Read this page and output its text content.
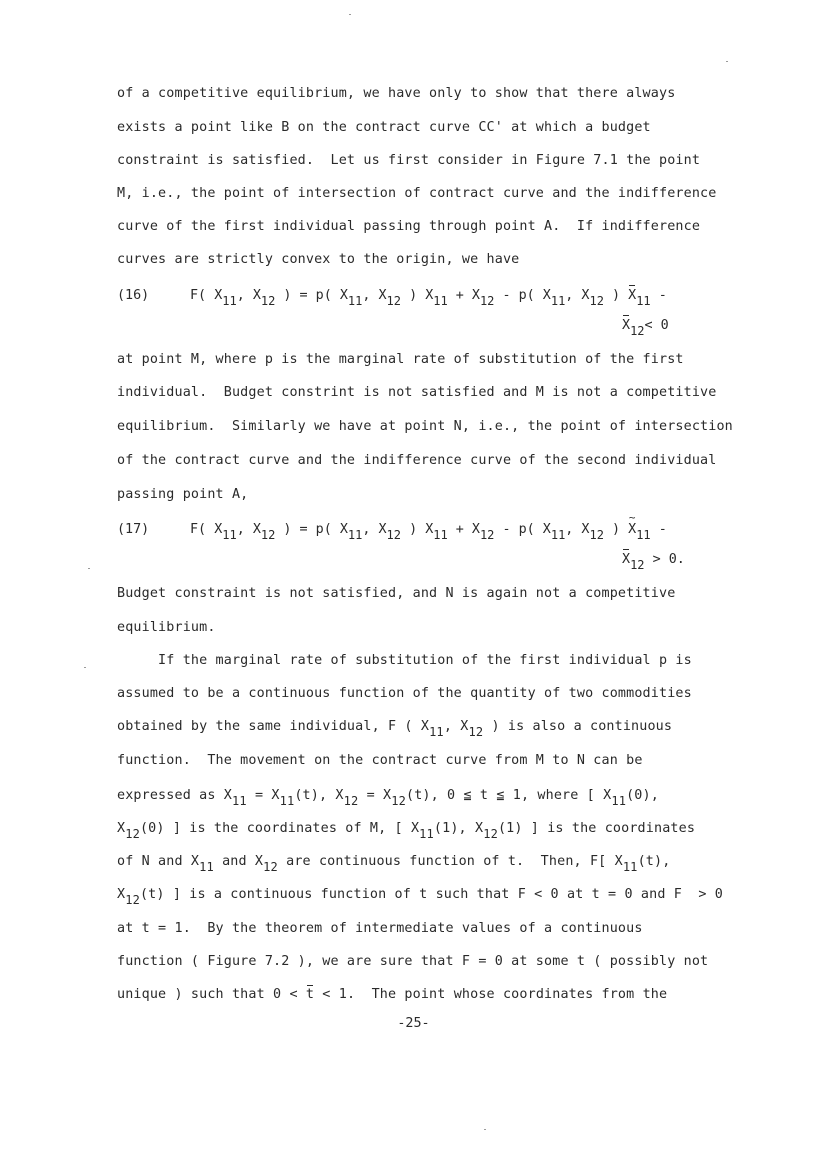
of a competitive equilibrium, we have only to show that there always
exists a point like B on the contract curve CC' at which a budget
constraint is satisfied.  Let us first consider in Figure 7.1 the point
M, i.e., the point of intersection of contract curve and the indifference
curve of the first individual passing through point A.  If indifference
curves are strictly convex to the origin, we have
(16)	F( $X_{11}$, $X_{12}$ ) = p( $X_{11}$, $X_{12}$ ) $X_{11} + X_{12} - p$( $X_{11}$, $X_{12}$ ) $X_{11}$ -
$X_{12}< 0$
at point M, where p is the marginal rate of substitution of the first
individual.  Budget constrint is not satisfied and M is not a competitive
equilibrium.  Similarly we have at point N, i.e., the point of intersection
of the contract curve and the indifference curve of the second individual
passing point A,
(17)	F( $X_{11}$, $X_{12}$ ) = p( $X_{11}$, $X_{12}$ ) $X_{11} + X_{12} - p$( $X_{11}$, $X_{12}$ ) ~ $X_{11}$ -
$X_{12} > 0$.
Budget constraint is not satisfied, and N is again not a competitive
equilibrium.
If the marginal rate of substitution of the first individual p is
assumed to be a continuous function of the quantity of two commodities
obtained by the same individual, F ( $X_{11}$, $X_{12}$ ) is also a continuous
function.  The movement on the contract curve from M to N can be
expressed as $X_{11} = X_{11}(t)$, $X_{12} = X_{12}(t)$, 0 ≦ t ≦ 1, where [ $X_{11}(0)$,
$X_{12}(0)$ ] is the coordinates of M, [ $X_{11}(1)$, $X_{12}(1)$ ] is the coordinates
of N and $X_{11}$ and $X_{12}$ are continuous function of t.  Then, F[ $X_{11}(t)$,
$X_{12}(t)$ ] is a continuous function of t such that F < 0 at t = 0 and F  > 0
at t = 1.  By the theorem of intermediate values of a continuous
function ( Figure 7.2 ), we are sure that F = 0 at some t ( possibly not
unique ) such that 0 < t < 1.  The point whose coordinates from the
-25-
